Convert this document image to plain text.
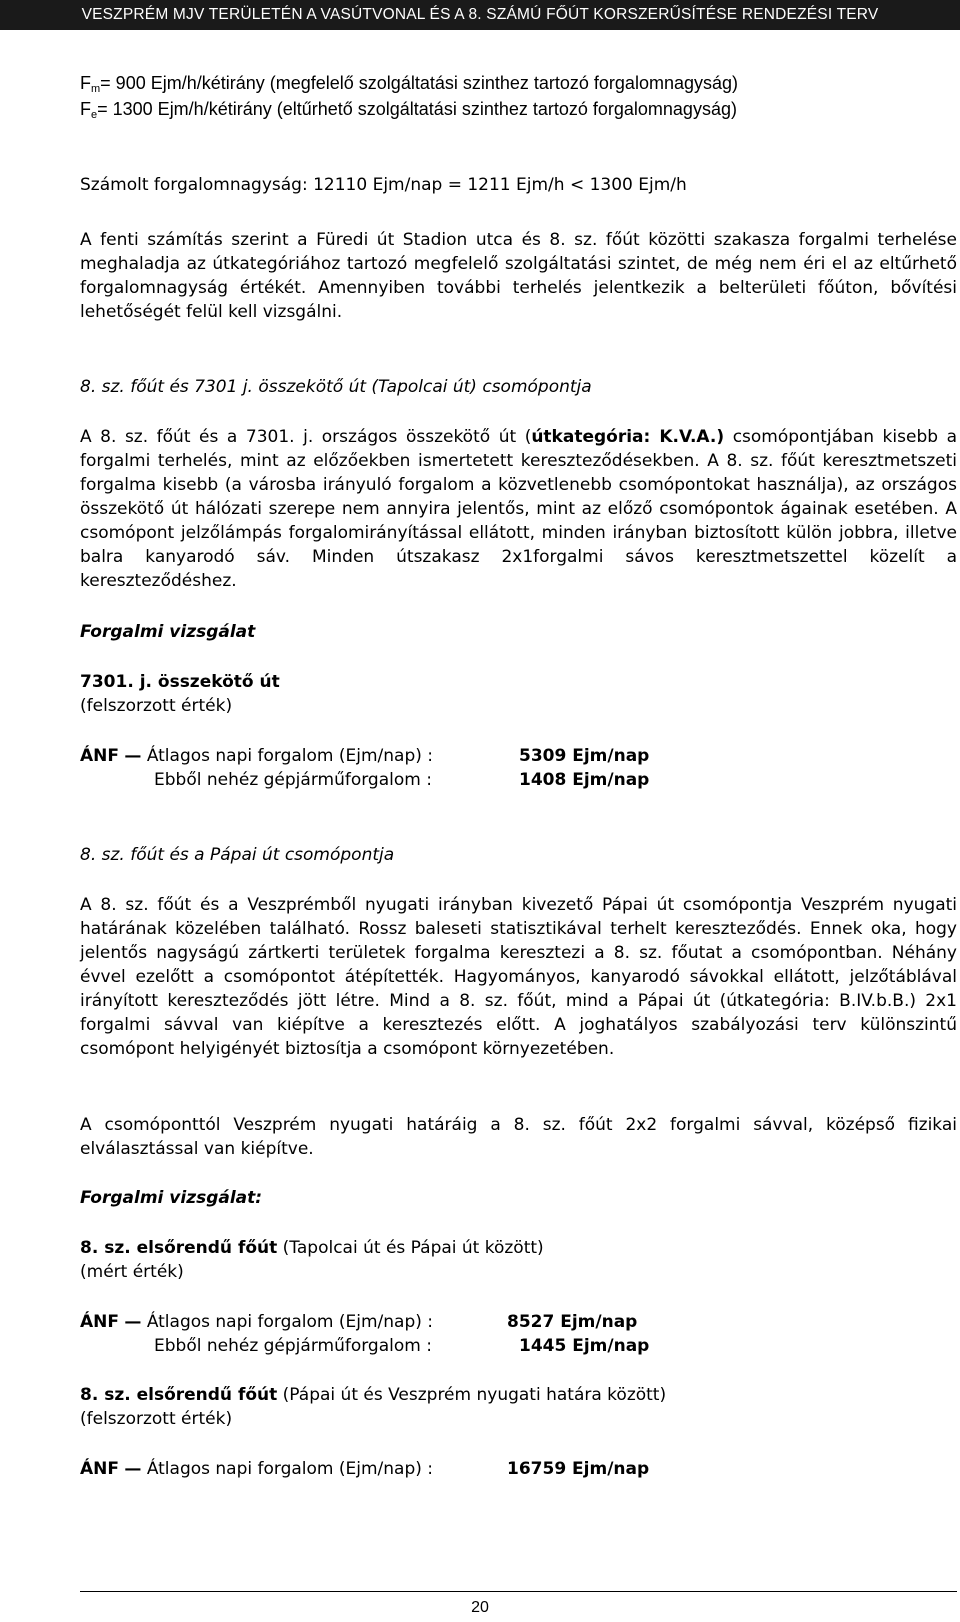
VESZPRÉM MJV TERÜLETÉN A VASÚTVONAL ÉS A 8. SZÁMÚ FŐÚT KORSZERŰSÍTÉSE RENDEZÉSI TERV
$F_m= 900$ Ejm/h/kétirány (megfelelő szolgáltatási szinthez tartozó forgalomnagyság)
$F_e= 1300$ Ejm/h/kétirány (eltűrhető szolgáltatási szinthez tartozó forgalomnagyság)
Számolt forgalomnagyság: 12110 Ejm/nap = 1211 Ejm/h < 1300 Ejm/h
A fenti számítás szerint a Füredi út Stadion utca és 8. sz. főút közötti szakasza forgalmi terhelése meghaladja az útkategóriához tartozó megfelelő szolgáltatási szintet, de még nem éri el az eltűrhető forgalomnagyság értékét. Amennyiben további terhelés jelentkezik a belterületi főúton, bővítési lehetőségét felül kell vizsgálni.
8. sz. főút és 7301 j. összekötő út (Tapolcai út) csomópontja
A 8. sz. főút és a 7301. j. országos összekötő út (útkategória: K.V.A.) csomópontjában kisebb a forgalmi terhelés, mint az előzőekben ismertetett kereszteződésekben. A 8. sz. főút keresztmetszeti forgalma kisebb (a városba irányuló forgalom a közvetlenebb csomópontokat használja), az országos összekötő út hálózati szerepe nem annyira jelentős, mint az előző csomópontok ágainak esetében. A csomópont jelzőlámpás forgalomirányítással ellátott, minden irányban biztosított külön jobbra, illetve balra kanyarodó sáv. Minden útszakasz 2x1forgalmi sávos keresztmetszettel közelít a kereszteződéshez.
Forgalmi vizsgálat
7301. j. összekötő út
(felszorzott érték)
ÁNF — Átlagos napi forgalom (Ejm/nap) :	5309 Ejm/nap
Ebből nehéz gépjárműforgalom :	1408 Ejm/nap
8. sz. főút és a Pápai út csomópontja
A 8. sz. főút és a Veszprémből nyugati irányban kivezető Pápai út csomópontja Veszprém nyugati határának közelében található. Rossz baleseti statisztikával terhelt kereszteződés. Ennek oka, hogy jelentős nagyságú zártkerti területek forgalma keresztezi a 8. sz. főutat a csomópontban. Néhány évvel ezelőtt a csomópontot átépítették. Hagyományos, kanyarodó sávokkal ellátott, jelzőtáblával irányított kereszteződés jött létre. Mind a 8. sz. főút, mind a Pápai út (útkategória: B.IV.b.B.) 2x1 forgalmi sávval van kiépítve a keresztezés előtt. A joghatályos szabályozási terv különszintű csomópont helyigényét biztosítja a csomópont környezetében.
A csomóponttól Veszprém nyugati határáig a 8. sz. főút 2x2 forgalmi sávval, középső fizikai elválasztással van kiépítve.
Forgalmi vizsgálat:
8. sz. elsőrendű főút (Tapolcai út és Pápai út között)
(mért érték)
ÁNF — Átlagos napi forgalom (Ejm/nap) :	8527 Ejm/nap
Ebből nehéz gépjárműforgalom :	1445 Ejm/nap
8. sz. elsőrendű főút (Pápai út és Veszprém nyugati határa között)
(felszorzott érték)
ÁNF — Átlagos napi forgalom (Ejm/nap) :	16759 Ejm/nap
20
